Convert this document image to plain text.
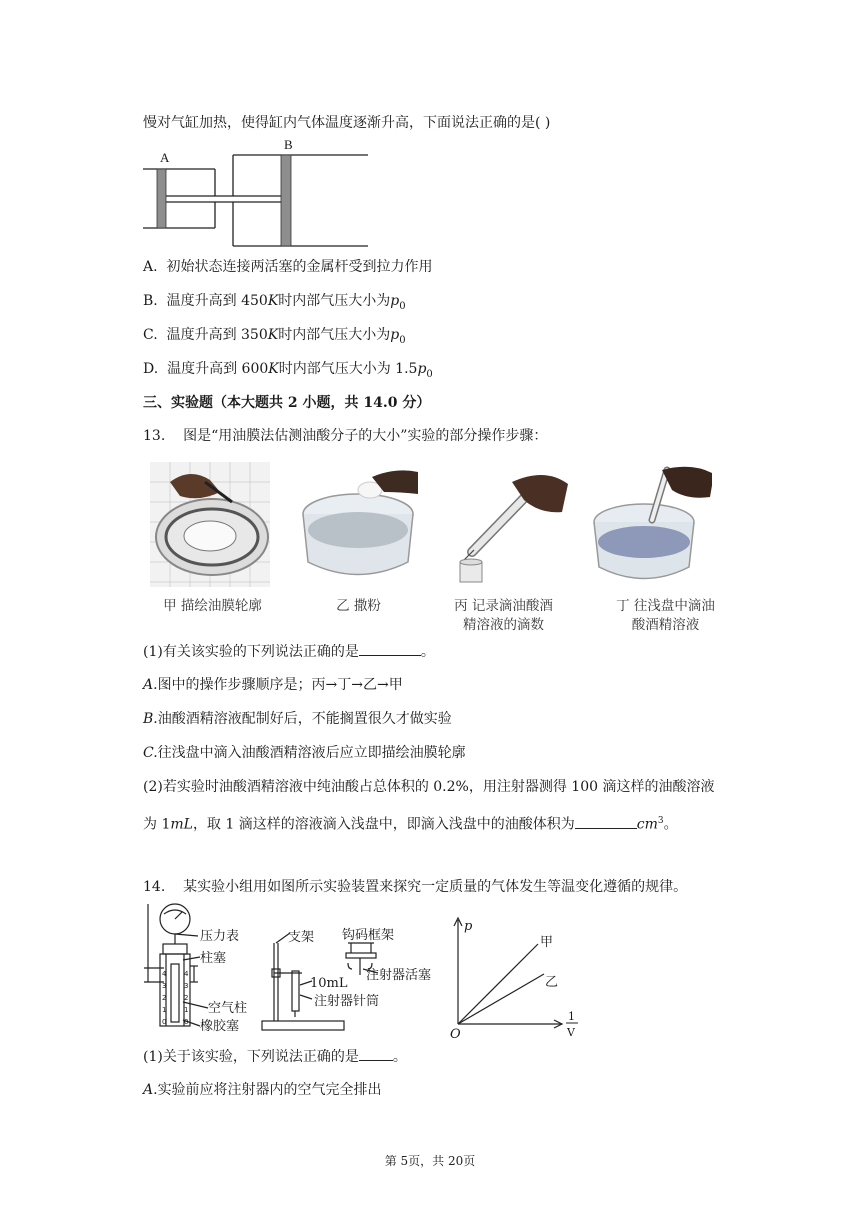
慢对气缸加热，使得缸内气体温度逐渐升高，下面说法正确的是( )
A
B
A. 初始状态连接两活塞的金属杆受到拉力作用
B. 温度升高到 450K时内部气压大小为$p_0$
C. 温度升高到 350K时内部气压大小为$p_0$
D. 温度升高到 600K时内部气压大小为 $1.5p_0$
三、实验题（本大题共 2 小题，共 14.0 分）
13. 图是“用油膜法估测油酸分子的大小”实验的部分操作步骤：
甲 描绘油膜轮廓	乙 撒粉	丙 记录滴油酸酒
精溶液的滴数
丁 往浅盘中滴油
酸酒精溶液
(1)有关该实验的下列说法正确的是	。
A.图中的操作步骤顺序是；丙→丁→乙→甲
B.油酸酒精溶液配制好后，不能搁置很久才做实验
C.往浅盘中滴入油酸酒精溶液后应立即描绘油膜轮廓
(2)若实验时油酸酒精溶液中纯油酸占总体积的 0.2%，用注射器测得 100 滴这样的油酸溶液
为 1mL，取 1 滴这样的溶液滴入浅盘中，即滴入浅盘中的油酸体积为	$cm^3$。
14. 某实验小组用如图所示实验装置来探究一定质量的气体发生等温变化遵循的规律。
4
3
2
1
0
4
3
2
1
0
压力表
柱塞
空气柱
橡胶塞
支架 钩码框架
注射器活塞
10mL
注射器针筒
p
甲
乙
O
1
V
(1)关于该实验，下列说法正确的是 。
A.实验前应将注射器内的空气完全排出
第 5页，共 20页
